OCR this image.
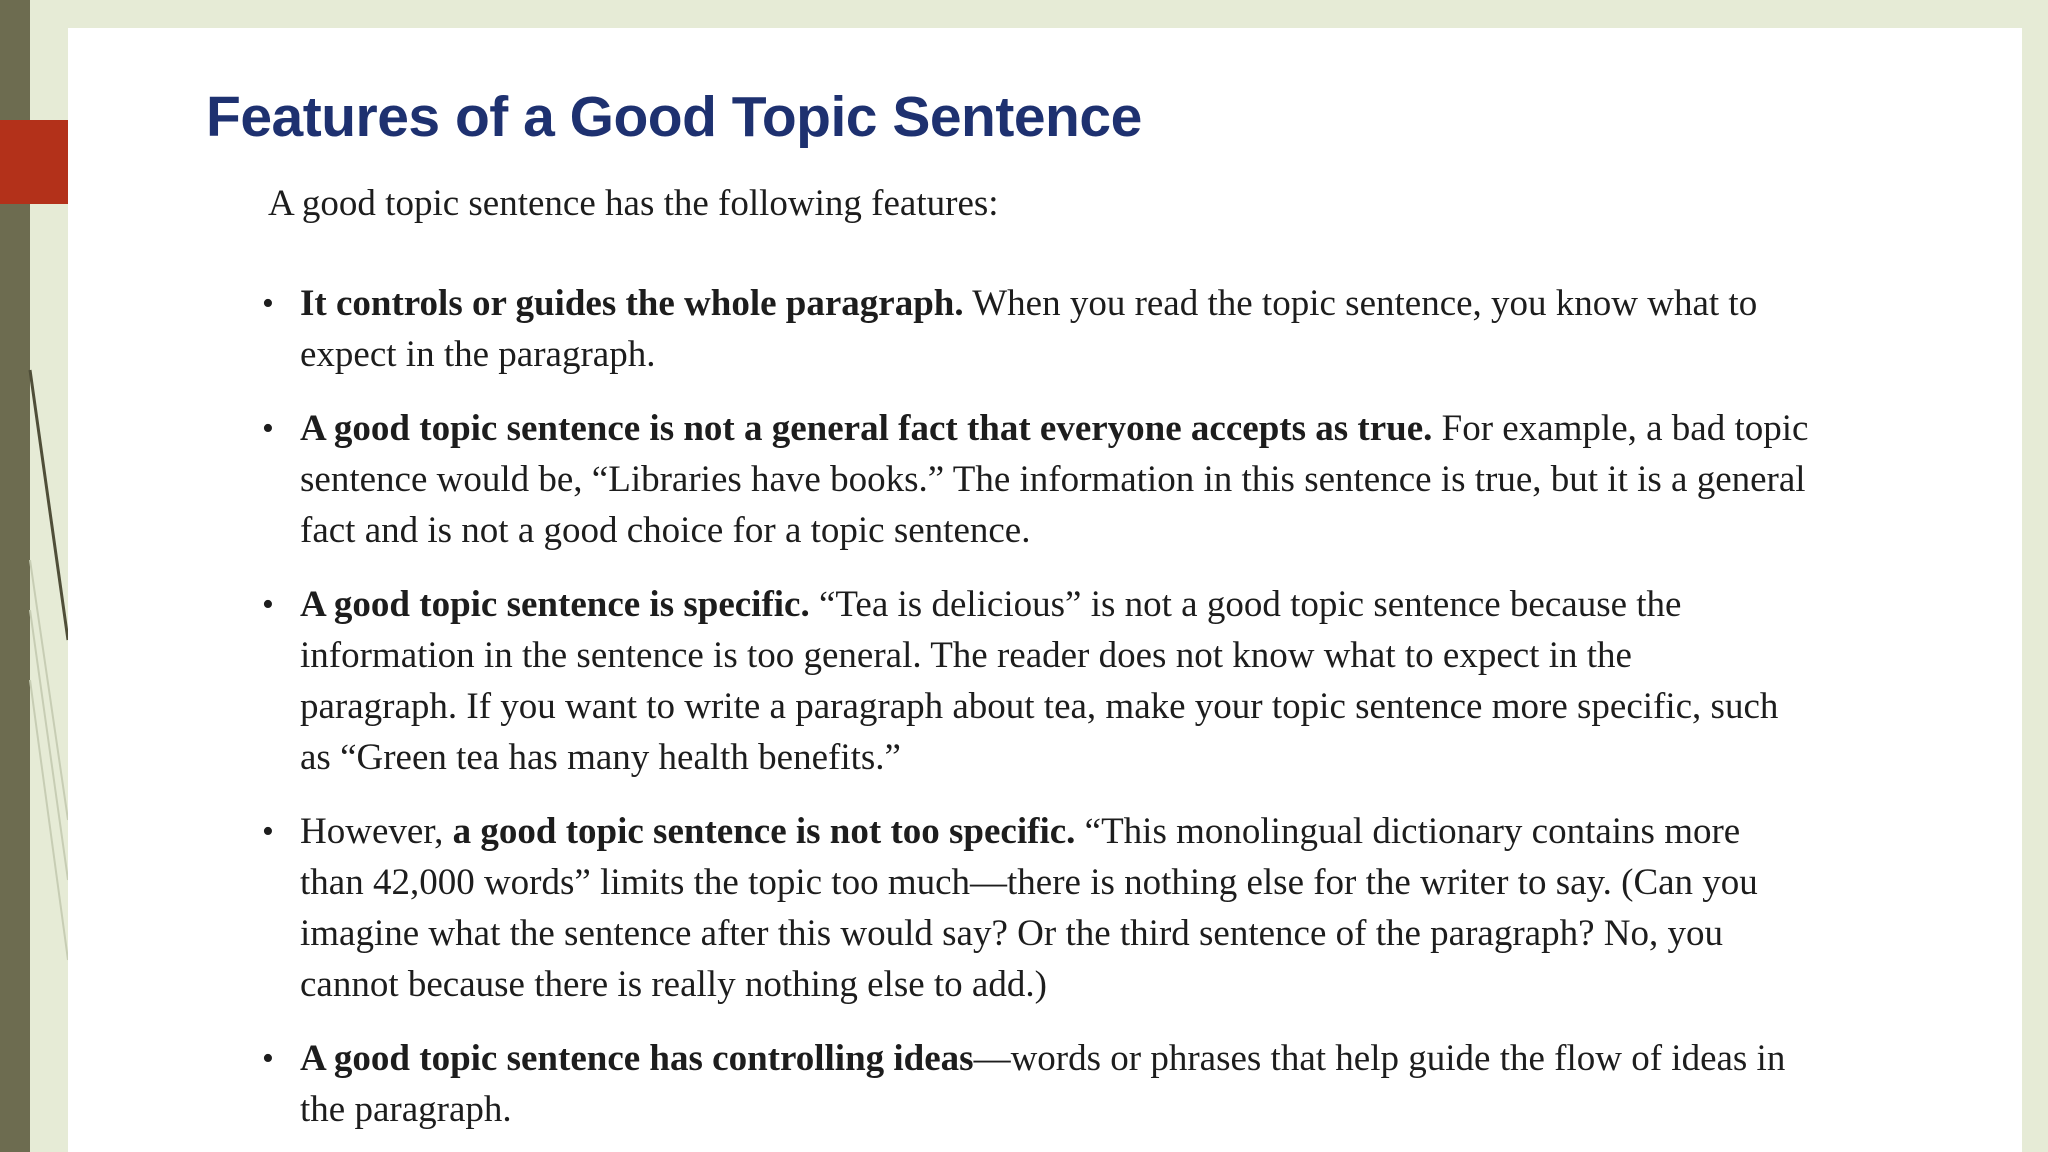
Features of a Good Topic Sentence

A good topic sentence has the following features:

• It controls or guides the whole paragraph. When you read the topic sentence, you know what to
expect in the paragraph.
• A good topic sentence is not a general fact that everyone accepts as true. For example, a bad topic
sentence would be, “Libraries have books.” The information in this sentence is true, but it is a general
fact and is not a good choice for a topic sentence.
• A good topic sentence is specific. “Tea is delicious” is not a good topic sentence because the
information in the sentence is too general. The reader does not know what to expect in the
paragraph. If you want to write a paragraph about tea, make your topic sentence more specific, such
as “Green tea has many health benefits.”
• However, a good topic sentence is not too specific. “This monolingual dictionary contains more
than 42,000 words” limits the topic too much—there is nothing else for the writer to say. (Can you
imagine what the sentence after this would say? Or the third sentence of the paragraph? No, you
cannot because there is really nothing else to add.)
• A good topic sentence has controlling ideas—words or phrases that help guide the flow of ideas in
the paragraph.
